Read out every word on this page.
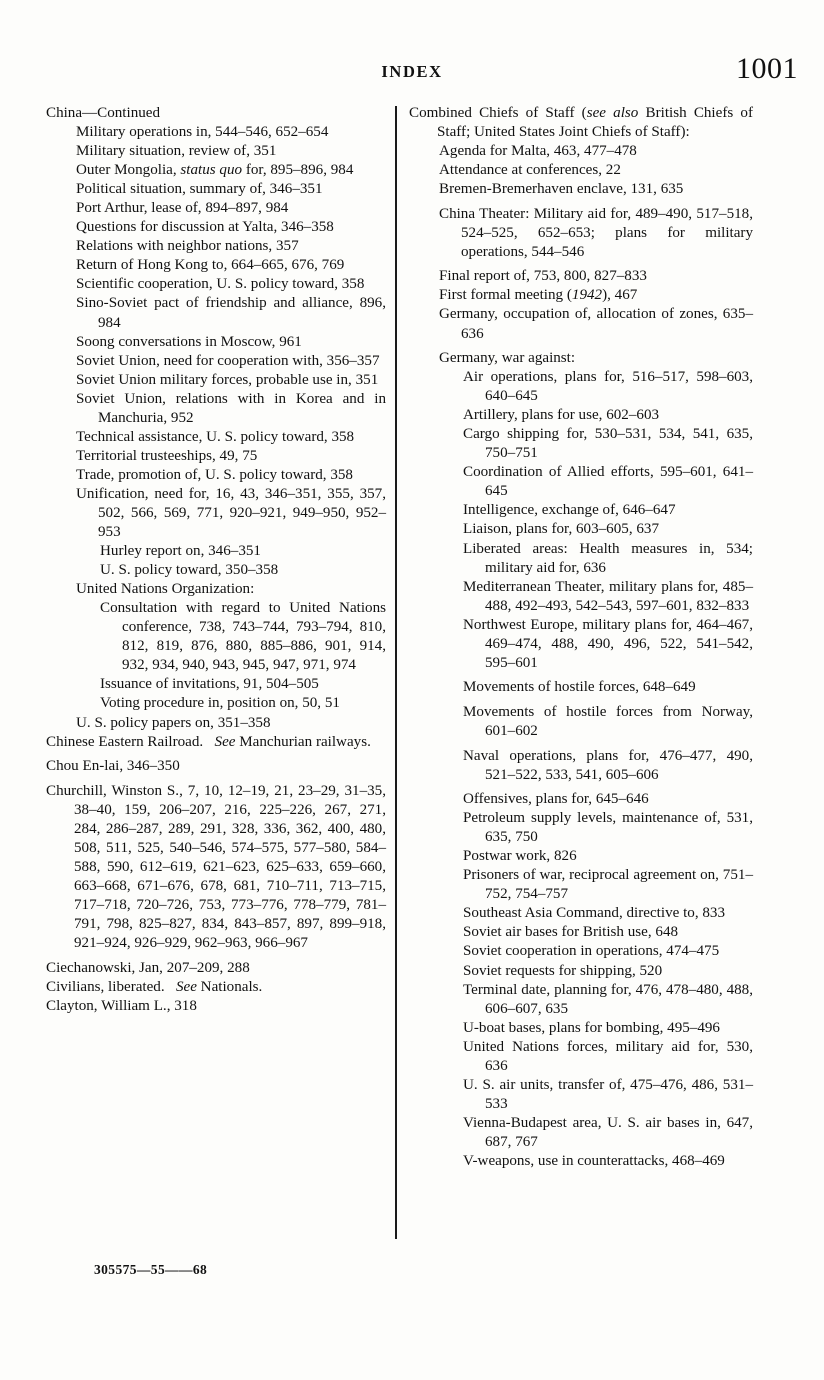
INDEX	1001
China—Continued
Military operations in, 544–546, 652–654
Military situation, review of, 351
Outer Mongolia, status quo for, 895–896, 984
Political situation, summary of, 346–351
Port Arthur, lease of, 894–897, 984
Questions for discussion at Yalta, 346–358
Relations with neighbor nations, 357
Return of Hong Kong to, 664–665, 676, 769
Scientific cooperation, U. S. policy toward, 358
Sino-Soviet pact of friendship and alliance, 896, 984
Soong conversations in Moscow, 961
Soviet Union, need for cooperation with, 356–357
Soviet Union military forces, probable use in, 351
Soviet Union, relations with in Korea and in Manchuria, 952
Technical assistance, U. S. policy toward, 358
Territorial trusteeships, 49, 75
Trade, promotion of, U. S. policy toward, 358
Unification, need for, 16, 43, 346–351, 355, 357, 502, 566, 569, 771, 920–921, 949–950, 952–953
Hurley report on, 346–351
U. S. policy toward, 350–358
United Nations Organization:
Consultation with regard to United Nations conference, 738, 743–744, 793–794, 810, 812, 819, 876, 880, 885–886, 901, 914, 932, 934, 940, 943, 945, 947, 971, 974
Issuance of invitations, 91, 504–505
Voting procedure in, position on, 50, 51
U. S. policy papers on, 351–358
Chinese Eastern Railroad.   See Manchurian railways.
Chou En-lai, 346–350
Churchill, Winston S., 7, 10, 12–19, 21, 23–29, 31–35, 38–40, 159, 206–207, 216, 225–226, 267, 271, 284, 286–287, 289, 291, 328, 336, 362, 400, 480, 508, 511, 525, 540–546, 574–575, 577–580, 584–588, 590, 612–619, 621–623, 625–633, 659–660, 663–668, 671–676, 678, 681, 710–711, 713–715, 717–718, 720–726, 753, 773–776, 778–779, 781–791, 798, 825–827, 834, 843–857, 897, 899–918, 921–924, 926–929, 962–963, 966–967
Ciechanowski, Jan, 207–209, 288
Civilians, liberated.   See Nationals.
Clayton, William L., 318
Combined Chiefs of Staff (see also British Chiefs of Staff; United States Joint Chiefs of Staff):
Agenda for Malta, 463, 477–478
Attendance at conferences, 22
Bremen-Bremerhaven enclave, 131, 635
China Theater: Military aid for, 489–490, 517–518, 524–525, 652–653; plans for military operations, 544–546
Final report of, 753, 800, 827–833
First formal meeting (1942), 467
Germany, occupation of, allocation of zones, 635–636
Germany, war against:
Air operations, plans for, 516–517, 598–603, 640–645
Artillery, plans for use, 602–603
Cargo shipping for, 530–531, 534, 541, 635, 750–751
Coordination of Allied efforts, 595–601, 641–645
Intelligence, exchange of, 646–647
Liaison, plans for, 603–605, 637
Liberated areas: Health measures in, 534; military aid for, 636
Mediterranean Theater, military plans for, 485–488, 492–493, 542–543, 597–601, 832–833
Northwest Europe, military plans for, 464–467, 469–474, 488, 490, 496, 522, 541–542, 595–601
Movements of hostile forces, 648–649
Movements of hostile forces from Norway, 601–602
Naval operations, plans for, 476–477, 490, 521–522, 533, 541, 605–606
Offensives, plans for, 645–646
Petroleum supply levels, maintenance of, 531, 635, 750
Postwar work, 826
Prisoners of war, reciprocal agreement on, 751–752, 754–757
Southeast Asia Command, directive to, 833
Soviet air bases for British use, 648
Soviet cooperation in operations, 474–475
Soviet requests for shipping, 520
Terminal date, planning for, 476, 478–480, 488, 606–607, 635
U-boat bases, plans for bombing, 495–496
United Nations forces, military aid for, 530, 636
U. S. air units, transfer of, 475–476, 486, 531–533
Vienna-Budapest area, U. S. air bases in, 647, 687, 767
V-weapons, use in counterattacks, 468–469
305575—55——68
